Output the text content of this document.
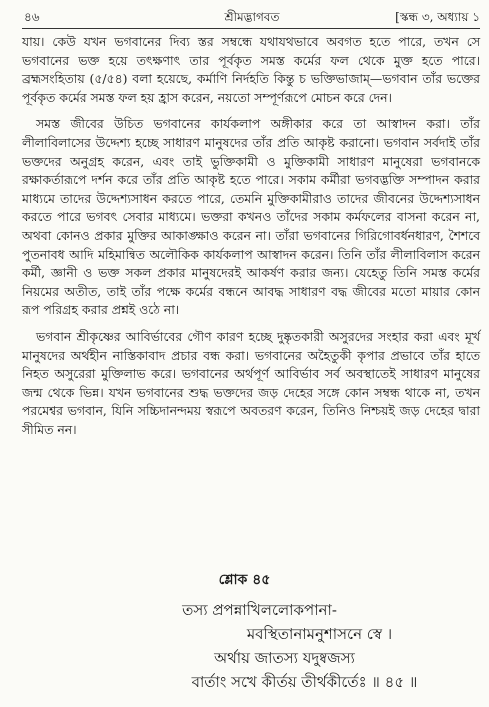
৪৬	শ্রীমদ্ভাগবত	[স্কন্ধ ৩, অধ্যায় ১

যায়। কেউ যখন ভগবানের দিব্য স্তর সম্বন্ধে যথাযথভাবে অবগত হতে পারে, তখন সে ভগবানের ভক্ত হয়ে তৎক্ষণাৎ তার পূর্বকৃত সমস্ত কর্মের ফল থেকে মুক্ত হতে পারে। ব্রহ্মসংহিতায় (৫/৫৪) বলা হয়েছে, কর্মাণি নির্দহতি কিন্তু চ ভক্তিভাজাম্—ভগবান তাঁর ভক্তের পূর্বকৃত কর্মের সমস্ত ফল হয় হ্রাস করেন, নয়তো সম্পূর্ণরূপে মোচন করে দেন।

সমস্ত জীবের উচিত ভগবানের কার্যকলাপ অঙ্গীকার করে তা আস্বাদন করা। তাঁর লীলাবিলাসের উদ্দেশ্য হচ্ছে সাধারণ মানুষদের তাঁর প্রতি আকৃষ্ট করানো। ভগবান সর্বদাই তাঁর ভক্তদের অনুগ্রহ করেন, এবং তাই ভুক্তিকামী ও মুক্তিকামী সাধারণ মানুষেরা ভগবানকে রক্ষাকর্তারূপে দর্শন করে তাঁর প্রতি আকৃষ্ট হতে পারে। সকাম কর্মীরা ভগবদ্ভক্তি সম্পাদন করার মাধ্যমে তাদের উদ্দেশ্যসাধন করতে পারে, তেমনি মুক্তিকামীরাও তাদের জীবনের উদ্দেশ্যসাধন করতে পারে ভগবৎ সেবার মাধ্যমে। ভক্তরা কখনও তাঁদের সকাম কর্মফলের বাসনা করেন না, অথবা কোনও প্রকার মুক্তির আকাঙ্ক্ষাও করেন না। তাঁরা ভগবানের গিরিগোবর্ধনধারণ, শৈশবে পুতনাবধ আদি মহিমান্বিত অলৌকিক কার্যকলাপ আস্বাদন করেন। তিনি তাঁর লীলাবিলাস করেন কর্মী, জ্ঞানী ও ভক্ত সকল প্রকার মানুষদেরই আকর্ষণ করার জন্য। যেহেতু তিনি সমস্ত কর্মের নিয়মের অতীত, তাই তাঁর পক্ষে কর্মের বন্ধনে আবদ্ধ সাধারণ বদ্ধ জীবের মতো মায়ার কোন রূপ পরিগ্রহ করার প্রশ্নই ওঠে না।

ভগবান শ্রীকৃষ্ণের আবির্ভাবের গৌণ কারণ হচ্ছে দুষ্কৃতকারী অসুরদের সংহার করা এবং মূর্খ মানুষদের অর্থহীন নাস্তিকাবাদ প্রচার বন্ধ করা। ভগবানের অহৈতুকী কৃপার প্রভাবে তাঁর হাতে নিহত অসুরেরা মুক্তিলাভ করে। ভগবানের অর্থপূর্ণ আবির্ভাব সর্ব অবস্থাতেই সাধারণ মানুষের জন্ম থেকে ভিন্ন। যখন ভগবানের শুদ্ধ ভক্তদের জড় দেহের সঙ্গে কোন সম্বন্ধ থাকে না, তখন পরমেশ্বর ভগবান, যিনি সচ্চিদানন্দময় স্বরূপে অবতরণ করেন, তিনিও নিশ্চয়ই জড় দেহের দ্বারা সীমিত নন।

শ্লোক ৪৫

তস্য প্রপন্নাখিললোকপানা-

মবস্থিতানামনুশাসনে স্বে ।

অর্থায় জাতস্য যদুষ্বজস্য

বার্তাং সখে কীর্তয় তীর্থকীর্তেঃ ॥ ৪৫ ॥
